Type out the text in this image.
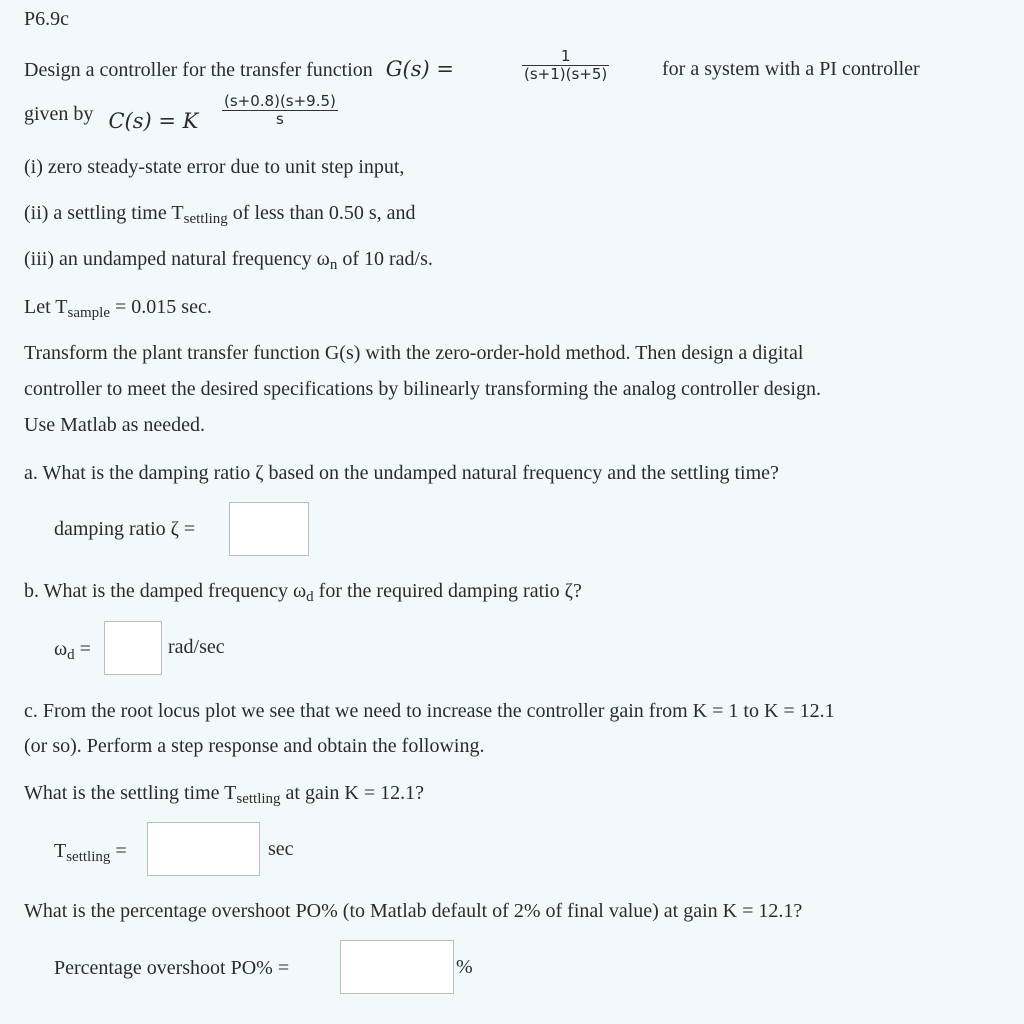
P6.9c
Design a controller for the transfer function G(s) =	$\frac{1}{(s+1)(s+5)}$	for a system with a PI controller
given by C(s) = K $\frac{(s+0.8)(s+9.5)}{s}$
(i) zero steady-state error due to unit step input,
(ii) a settling time $T_{settling}$ of less than 0.50 s, and
(iii) an undamped natural frequency $\omega_n$ of 10 rad/s.
Let $T_{sample} = 0.015$ sec.
Transform the plant transfer function G(s) with the zero-order-hold method. Then design a digital
controller to meet the desired specifications by bilinearly transforming the analog controller design.
Use Matlab as needed.
a. What is the damping ratio ζ based on the undamped natural frequency and the settling time?
damping ratio ζ =
b. What is the damped frequency $\omega_d$ for the required damping ratio ζ?
$\omega_d$ =	rad/sec
c. From the root locus plot we see that we need to increase the controller gain from K = 1 to K = 12.1
(or so). Perform a step response and obtain the following.
What is the settling time $T_{settling}$ at gain K = 12.1?
$T_{settling}$ =	sec
What is the percentage overshoot PO% (to Matlab default of 2% of final value) at gain K = 12.1?
Percentage overshoot PO% =	%
